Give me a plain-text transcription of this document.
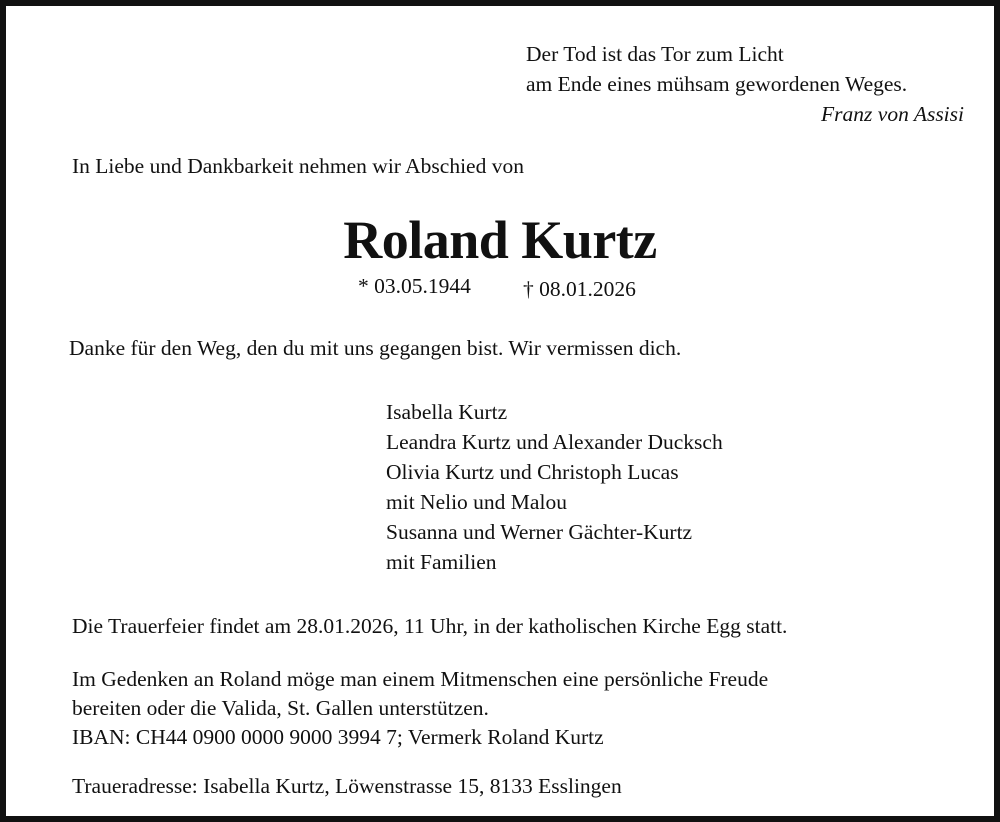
Der Tod ist das Tor zum Licht
am Ende eines mühsam gewordenen Weges.
Franz von Assisi
In Liebe und Dankbarkeit nehmen wir Abschied von
Roland Kurtz
* 03.05.1944 † 08.01.2026
Danke für den Weg, den du mit uns gegangen bist. Wir vermissen dich.
Isabella Kurtz
Leandra Kurtz und Alexander Ducksch
Olivia Kurtz und Christoph Lucas
mit Nelio und Malou
Susanna und Werner Gächter-Kurtz
mit Familien
Die Trauerfeier findet am 28.01.2026, 11 Uhr, in der katholischen Kirche Egg statt.
Im Gedenken an Roland möge man einem Mitmenschen eine persönliche Freude
bereiten oder die Valida, St. Gallen unterstützen.
IBAN: CH44 0900 0000 9000 3994 7; Vermerk Roland Kurtz
Traueradresse: Isabella Kurtz, Löwenstrasse 15, 8133 Esslingen
